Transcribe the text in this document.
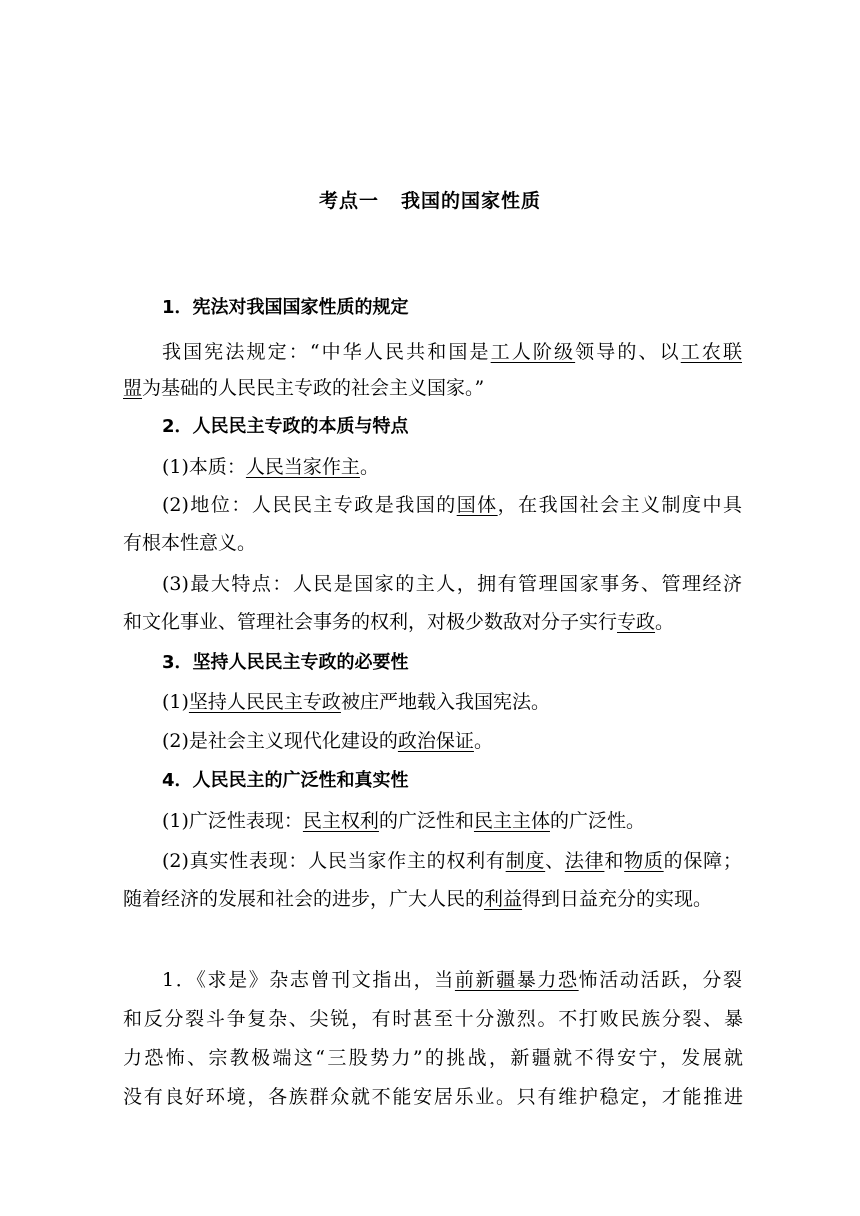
考点一 我国的国家性质
1．宪法对我国国家性质的规定
我国宪法规定：“中华人民共和国是工人阶级领导的、以工农联
盟为基础的人民民主专政的社会主义国家。”
2．人民民主专政的本质与特点
(1)本质：人民当家作主。
(2)地位：人民民主专政是我国的国体，在我国社会主义制度中具
有根本性意义。
(3)最大特点：人民是国家的主人，拥有管理国家事务、管理经济
和文化事业、管理社会事务的权利，对极少数敌对分子实行专政。
3．坚持人民民主专政的必要性
(1)坚持人民民主专政被庄严地载入我国宪法。
(2)是社会主义现代化建设的政治保证。
4．人民民主的广泛性和真实性
(1)广泛性表现：民主权利的广泛性和民主主体的广泛性。
(2)真实性表现：人民当家作主的权利有制度、法律和物质的保障；
随着经济的发展和社会的进步，广大人民的利益得到日益充分的实现。
1．《求是》杂志曾刊文指出，当前新疆暴力恐怖活动活跃，分裂
和反分裂斗争复杂、尖锐，有时甚至十分激烈。不打败民族分裂、暴
力恐怖、宗教极端这“三股势力”的挑战，新疆就不得安宁，发展就
没有良好环境，各族群众就不能安居乐业。只有维护稳定，才能推进
